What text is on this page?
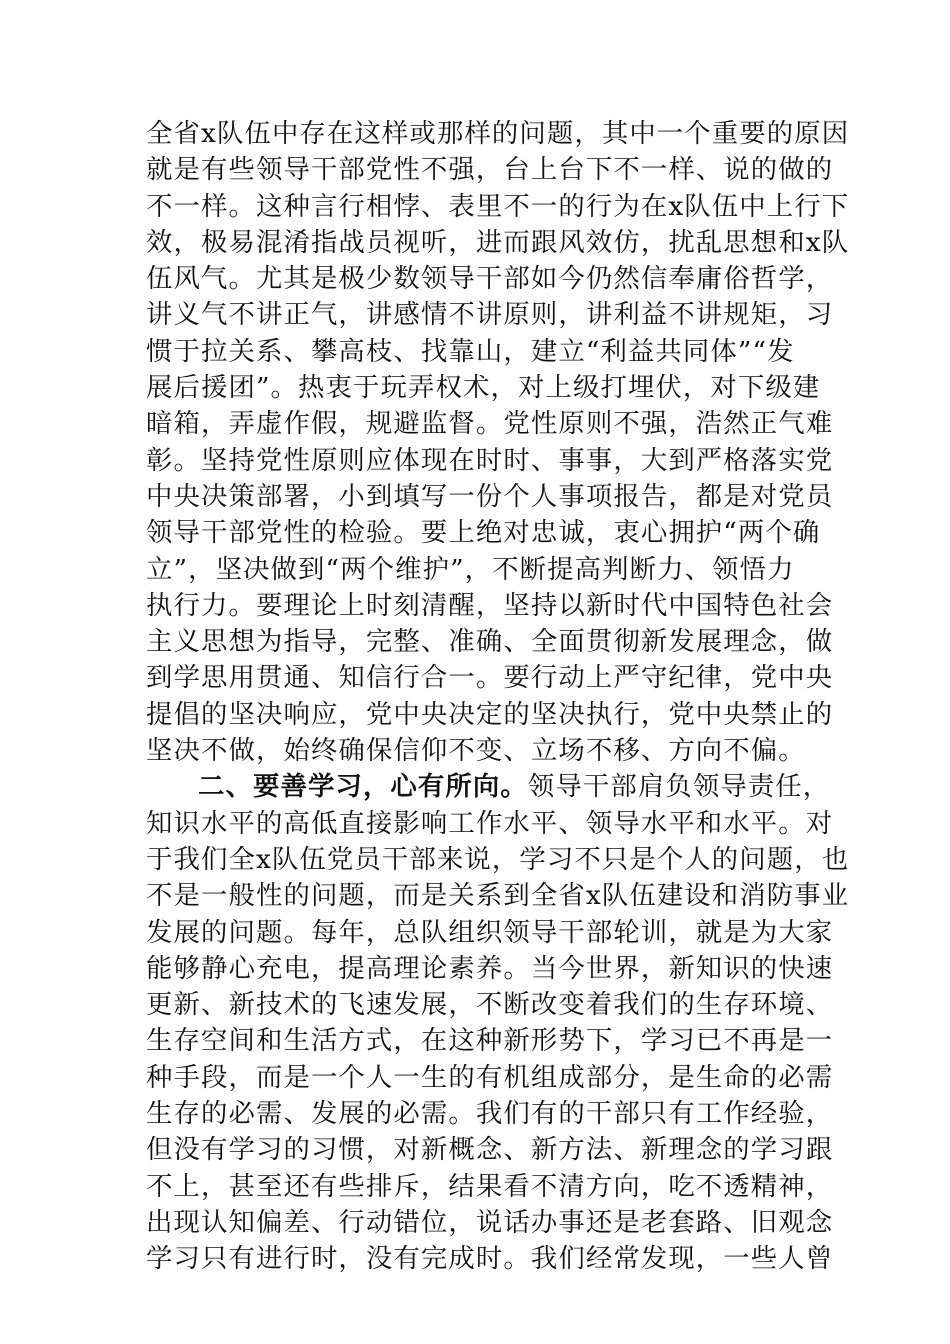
全省x队伍中存在这样或那样的问题，其中一个重要的原因
就是有些领导干部党性不强，台上台下不一样、说的做的
不一样。这种言行相悖、表里不一的行为在x队伍中上行下
效，极易混淆指战员视听，进而跟风效仿，扰乱思想和x队
伍风气。尤其是极少数领导干部如今仍然信奉庸俗哲学，
讲义气不讲正气，讲感情不讲原则，讲利益不讲规矩，习
惯于拉关系、攀高枝、找靠山，建立“利益共同体”“发
展后援团”。热衷于玩弄权术，对上级打埋伏，对下级建
暗箱，弄虚作假，规避监督。党性原则不强，浩然正气难
彰。坚持党性原则应体现在时时、事事，大到严格落实党
中央决策部署，小到填写一份个人事项报告，都是对党员
领导干部党性的检验。要上绝对忠诚，衷心拥护“两个确
立”，坚决做到“两个维护”，不断提高判断力、领悟力
执行力。要理论上时刻清醒，坚持以新时代中国特色社会
主义思想为指导，完整、准确、全面贯彻新发展理念，做
到学思用贯通、知信行合一。要行动上严守纪律，党中央
提倡的坚决响应，党中央决定的坚决执行，党中央禁止的
坚决不做，始终确保信仰不变、立场不移、方向不偏。
二、要善学习，心有所向。领导干部肩负领导责任，
知识水平的高低直接影响工作水平、领导水平和水平。对
于我们全x队伍党员干部来说，学习不只是个人的问题，也
不是一般性的问题，而是关系到全省x队伍建设和消防事业
发展的问题。每年，总队组织领导干部轮训，就是为大家
能够静心充电，提高理论素养。当今世界，新知识的快速
更新、新技术的飞速发展，不断改变着我们的生存环境、
生存空间和生活方式，在这种新形势下，学习已不再是一
种手段，而是一个人一生的有机组成部分，是生命的必需
生存的必需、发展的必需。我们有的干部只有工作经验，
但没有学习的习惯，对新概念、新方法、新理念的学习跟
不上，甚至还有些排斥，结果看不清方向，吃不透精神，
出现认知偏差、行动错位，说话办事还是老套路、旧观念
学习只有进行时，没有完成时。我们经常发现，一些人曾
